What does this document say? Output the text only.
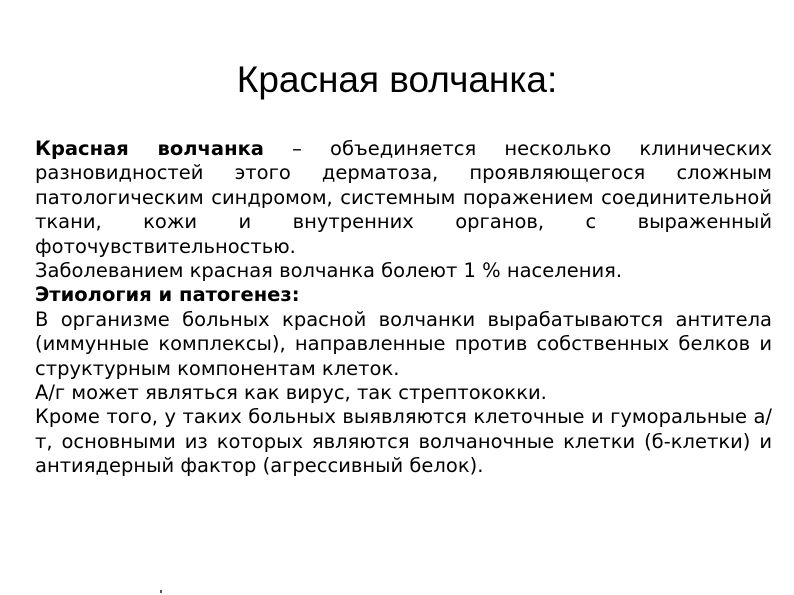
Красная волчанка:

Красная волчанка – объединяется несколько клинических разновидностей этого дерматоза, проявляющегося сложным патологическим синдромом, системным поражением соединительной ткани, кожи и внутренних органов, с выраженный фоточувствительностью.

Заболеванием красная волчанка болеют 1 % населения.

Этиология и патогенез:

В организме больных красной волчанки вырабатываются антитела (иммунные комплексы), направленные против собственных белков и структурным компонентам клеток.

А/г может являться как вирус, так стрептококки.

Кроме того, у таких больных выявляются клеточные и гуморальные а/т, основными из которых являются волчаночные клетки (б-клетки) и антиядерный фактор (агрессивный белок).
